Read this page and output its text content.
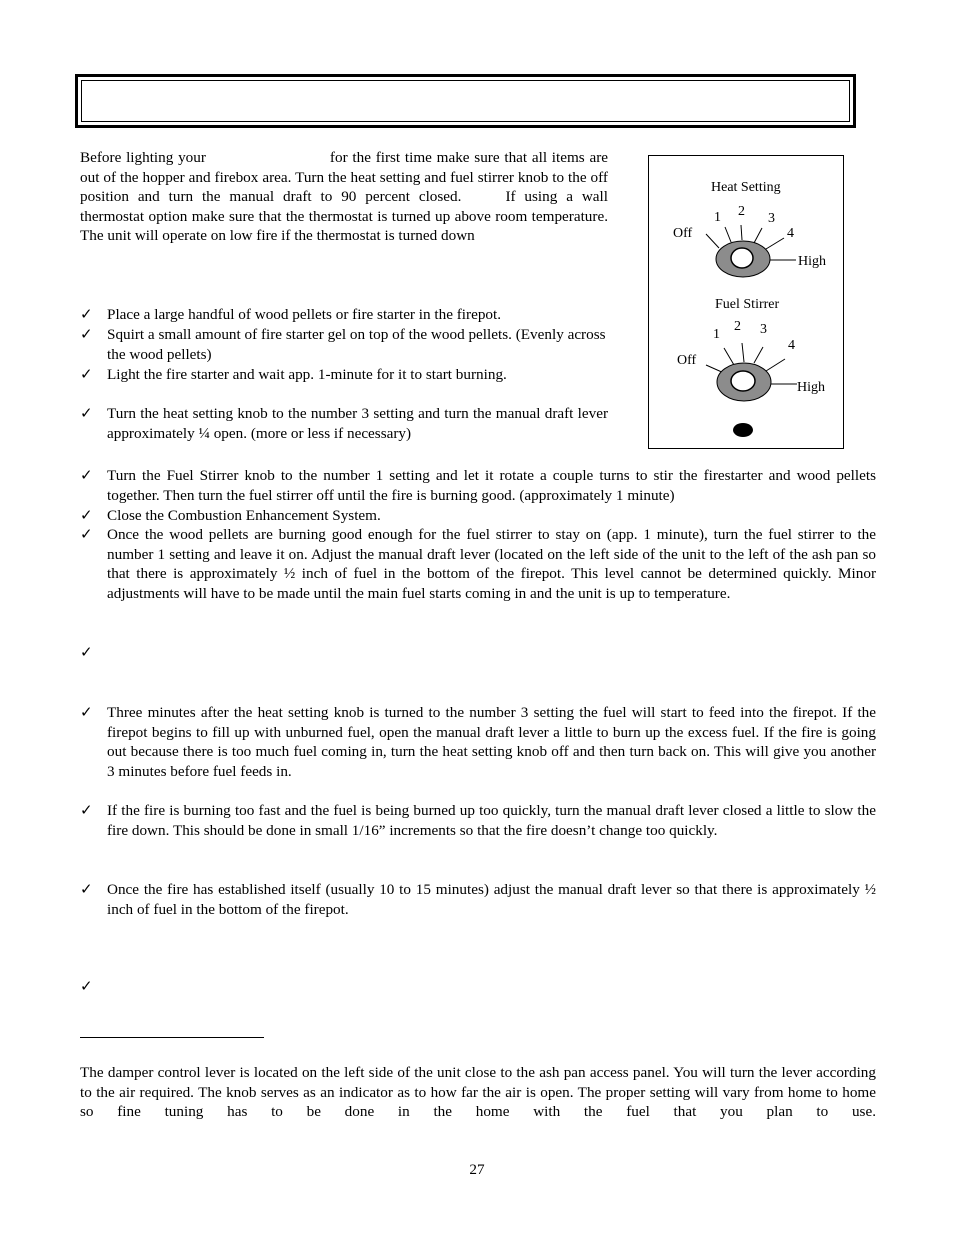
Before lighting your	for the first time make sure that all items are out of the hopper and firebox area. Turn the heat setting and fuel stirrer knob to the off position and turn the manual draft to 90 percent closed.	If using a wall thermostat option make sure that the thermostat is turned up above room temperature. The unit will operate on low fire if the thermostat is turned down

✓ Place a large handful of wood pellets or fire starter in the firepot.
✓ Squirt a small amount of fire starter gel on top of the wood pellets. (Evenly across the wood pellets)
✓ Light the fire starter and wait app. 1-minute for it to start burning.
✓ Turn the heat setting knob to the number 3 setting and turn the manual draft lever approximately ¼ open. (more or less if necessary)
✓ Turn the Fuel Stirrer knob to the number 1 setting and let it rotate a couple turns to stir the firestarter and wood pellets together. Then turn the fuel stirrer off until the fire is burning good. (approximately 1 minute)
✓ Close the Combustion Enhancement System.
✓ Once the wood pellets are burning good enough for the fuel stirrer to stay on (app. 1 minute), turn the fuel stirrer to the number 1 setting and leave it on. Adjust the manual draft lever (located on the left side of the unit to the left of the ash pan so that there is approximately ½ inch of fuel in the bottom of the firepot. This level cannot be determined quickly. Minor adjustments will have to be made until the main fuel starts coming in and the unit is up to temperature.
✓
✓ Three minutes after the heat setting knob is turned to the number 3 setting the fuel will start to feed into the firepot. If the firepot begins to fill up with unburned fuel, open the manual draft lever a little to burn up the excess fuel. If the fire is going out because there is too much fuel coming in, turn the heat setting knob off and then turn back on. This will give you another 3 minutes before fuel feeds in.
✓ If the fire is burning too fast and the fuel is being burned up too quickly, turn the manual draft lever closed a little to slow the fire down. This should be done in small 1/16” increments so that the fire doesn’t change too quickly.
✓ Once the fire has established itself (usually 10 to 15 minutes) adjust the manual draft lever so that there is approximately ½ inch of fuel in the bottom of the firepot.
✓
Heat Setting
1 2 3
4
Off
High
Fuel Stirrer
1
2 3
4
Off
High

The damper control lever is located on the left side of the unit close to the ash pan access panel. You will turn the lever according to the air required. The knob serves as an indicator as to how far the air is open. The proper setting will vary from home to home so fine tuning has to be done in the home with the fuel that you plan to use.

27
